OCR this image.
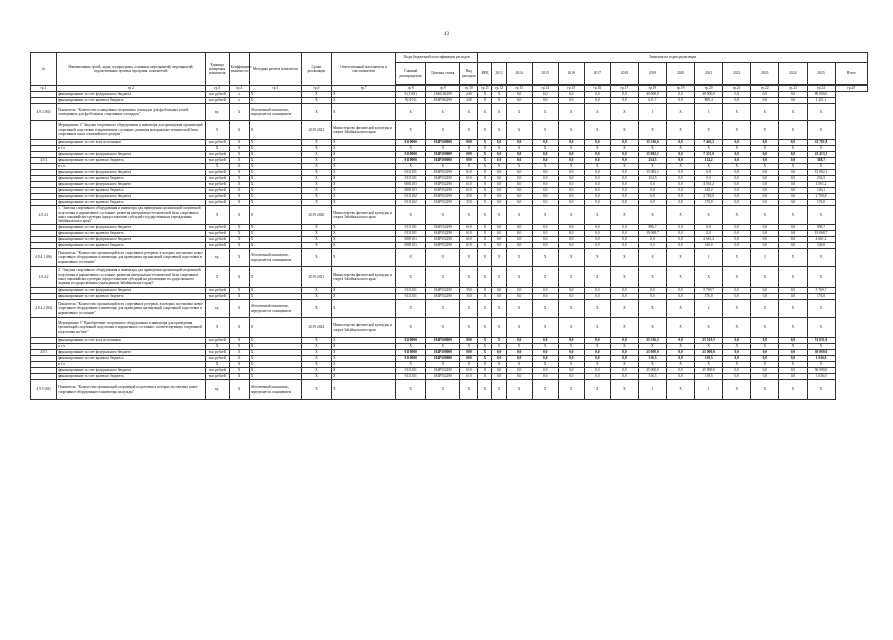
43
№	Наименование целей, задач, подпрограмм, основных мероприятий, мероприятий, ведомственных целевых программ, показателей	Единица измерения показателя	Коэффициент значимости	Методика расчета показателя	Сроки реализации	Ответственный исполнитель и соисполнители	Коды бюджетной классификации расходов			Значения по годам реализации														
							Главный распорядитель	Целевая статья	Вид расходов	ВРЦ	2013	2014	2015	2016	2017	2018	2019	2020	2021	2022	2023	2024	2025	Итого

гр.1	гр.2	гр.3	гр.4	гр.5	гр.6	гр.7	гр.8	гр.9	гр.10	гр.11	гр.12	гр.13	гр.14	гр.15	гр.16	гр.17	гр.18	гр.19	гр.20	гр.21	гр.22	гр.23	гр.24	гр.25
	финансирование за счет федерального бюджета	тыс.рублей	х	Х	Х	Х	8 (1101)	1840182290	240	Х	Х	0,0	0,0	0,0	0,0	0,0	40 608,8	0,0	40 000,0	0,0	0,0	0,0	80 000,0	
	финансирование за счет краевого бюджета	тыс.рублей	х	Х	Х	Х	8(1101)	184P582290	240	Х	Х	0,0	0,0	0,0	0,0	0,0	611,7	0,0	809,4	0,0	0,0	0,0	1 421,1	
4.9.3 (84)	Показатель: "Количество оснащенных спортивных площадок для футбольных полей, оснащенных для футбольных спортивных площадок"	ед.	Х	Абсолютный показатель, определяется оснащением	Х	Х	Х	Х	Х	Х	Х	Х	Х	Х	Х	Х	1	Х	1	Х	Х	Х	Х	
	Мероприятие 4 "Закупка спортивного оборудования и инвентаря для приведения организаций спортивной подготовки в нормативное состояние, развития материально-технической базы спортивных школ олимпийского резерва"	Х	Х	Х	2019-2021	Министерство физической культуры и спорта Забайкальского края	Х	Х	Х	Х	Х	Х	Х	Х	Х	Х	Х	Х	Х	Х	Х	Х	Х	
	финансирование за счет всех источников	тыс.рублей	Х	Х	Х	Х	0110000	184P500000	000	Х	0,0	0,0	0,0	0,0	0,0	0,0	15 336,6	0,0	7 445,2	0,0	0,0	0,0	22 781,8	
	в т.ч.	Х	Х	Х	Х	Х	Х	Х	Х	Х	Х	Х	Х	Х	Х	Х	Х	Х	Х	Х	Х	Х	Х	
	финансирование за счет федерального бюджета	тыс.рублей	Х	Х	Х	Х	0110000	184P500000	000	Х	0,0	0,0	0,0	0,0	0,0	0,0	15 082,1	0,0	7 331,0	0,0	0,0	0,0	22 413,1	
4.9.4	финансирование за счет краевого бюджета	тыс.рублей	Х	Х	Х	Х	0110000	184P500000	000	Х	0,0	0,0	0,0	0,0	0,0	0,0	254,5	0,0	114,2	0,0	0,0	0,0	368,7	
	в т.ч.	Х	Х	Х	Х	Х	Х	Х	Х	Х	Х	Х	Х	Х	Х	Х	Х	Х	Х	Х	Х	Х	Х	
	финансирование за счет федерального бюджета	тыс.рублей	Х	Х	Х	Х	0111101	184P552290	610	Х	0,0	0,0	0,0	0,0	0,0	0,0	15 082,1	0,0	0,0	0,0	0,0	0,0	15 082,1	
	финансирование за счет краевого бюджета	тыс.рублей	Х	Х	Х	Х	0111101	184P552290	610	Х	0,0	0,0	0,0	0,0	0,0	0,0	254,5	0,0	0,0	0,0	0,0	0,0	254,5	
	финансирование за счет федерального бюджета	тыс.рублей	Х	Х	Х	Х	0081101	184P552290	610	Х	0,0	0,0	0,0	0,0	0,0	0,0	0,0	0,0	4 561,2	0,0	0,0	0,0	4 561,2	
	финансирование за счет краевого бюджета	тыс.рублей	Х	Х	Х	Х	0081101	184P552290	610	Х	0,0	0,0	0,0	0,0	0,0	0,0	0,0	0,0	140,2	0,0	0,0	0,0	140,2	
	финансирование за счет федерального бюджета	тыс.рублей	Х	Х	Х	Х	0111102	184P552290	350	Х	0,0	0,0	0,0	0,0	0,0	0,0	0,0	0,0	2 769,8	0,0	0,0	0,0	2 769,8	
	финансирование за счет краевого бюджета	тыс.рублей	Х	Х	Х	Х	0111102	184P552290	350	Х	0,0	0,0	0,0	0,0	0,0	0,0	0,0	0,0	176,0	0,0	0,0	0,0	176,0	
4.9.4.1	1. "Закупка спортивного оборудования и инвентаря для приведения организаций спортивной подготовки в нормативное состояние, развития материально-технической базы спортивных школ олимпийского резерва (предоставление субсидий государственным учреждениям Забайкальского края)"	Х	Х	Х	2019-2020	Министерство физической культуры и спорта Забайкальского края	Х	Х	Х	Х	Х	Х	Х	Х	Х	Х	Х	Х	Х	Х	Х	Х	Х	
	финансирование за счет федерального бюджета	тыс.рублей	Х	Х	Х	Х	0111101	184P552290	610	Х	0,0	0,0	0,0	0,0	0,0	0,0	896,7	0,0	0,0	0,0	0,0	0,0	896,7	
	финансирование за счет краевого бюджета	тыс.рублей	Х	Х	Х	Х	0111101	184P552290	610	Х	0,0	0,0	0,0	0,0	0,0	0,0	19 068,7	0,0	0,0	0,0	0,0	0,0	19 068,7	
	финансирование за счет федерального бюджета	тыс.рублей	Х	Х	Х	Х	0081101	184P552290	610	Х	0,0	0,0	0,0	0,0	0,0	0,0	0,0	0,0	4 661,2	0,0	0,0	0,0	4 661,2	
	финансирование за счет краевого бюджета	тыс.рублей	Х	Х	Х	Х	0081101	184P552290	610	Х	0,0	0,0	0,0	0,0	0,0	0,0	0,0	0,0	140,0	0,0	0,0	0,0	140,0	
4.9.4.1 (86)	Показатель: "Количество организаций всех спортивных резервов, в которых поставлено новое спортивное оборудование и инвентарь для приведения организаций спортивной подготовки в нормативное состояние"	ед.	Х	Абсолютный показатель, определяется оснащением	Х	Х	Х	Х	Х	Х	Х	Х	Х	Х	Х	Х	8	Х	1	Х	2	Х	Х	
4.9.4.2	2. "Закупка спортивного оборудования и инвентаря для приведения организаций спортивной подготовки в нормативное состояние, развития материально-технической базы спортивных школ олимпийского резерва (предоставление субсидий на реализацию государственного задания государственным учреждениям Забайкальского края)"	Х	Х	Х	2019-2021	Министерство физической культуры и спорта Забайкальского края	Х	Х	Х	Х	Х	Х	Х	Х	Х	Х	Х	Х	Х	Х	Х	Х	Х	
	финансирование за счет федерального бюджета	тыс.рублей	Х	Х	Х	Х	0111101	184P552290	350	Х	0,0	0,0	0,0	0,0	0,0	0,0	0,0	0,0	5 769,7	0,0	0,0	0,0	5 769,7	
	финансирование за счет краевого бюджета	тыс.рублей	Х	Х	Х	Х	0111101	184P552290	350	Х	0,0	0,0	0,0	0,0	0,0	0,0	0,0	0,0	176,0	0,0	0,0	0,0	176,0	
4.9.4.2 (84)	Показатель: "Количество организаций всех спортивных резервов, в которых поставлено новое спортивное оборудование и инвентарь для приведения организаций спортивной подготовки в нормативное состояние"	ед.	Х	Абсолютный показатель, определяется оснащением	Х	Х	Х	Х	Х	Х	Х	Х	Х	Х	Х	Х	Х	Х	2	Х	Х	Х	Х	
	Мероприятие 5 "Приобретение спортивного оборудования и инвентаря для приведения организаций спортивной подготовки в нормативное состояние, соответствующих спортивной подготовки на базе"	Х	Х	Х	2019-2024	Министерство физической культуры и спорта Забайкальского края	Х	Х	Х	Х	Х	Х	Х	Х	Х	Х	Х	Х	Х	Х	Х	Х	Х	
	финансирование за счет всех источников	тыс.рублей	Х	Х	Х	Х	0110000	184P500000	000	Х	Х	0,0	0,0	0,0	0,0	0,0	25 516,5	0,0	25 519,5	0,0	0,0	0,0	51 031,0	
	в т.ч.	Х	Х	Х	Х	Х	Х	Х	Х	Х	Х	Х	Х	Х	Х	Х	Х	Х	Х	Х	Х	Х	Х	
4.9.5	финансирование за счет федерального бюджета	тыс.рублей	Х	Х	Х	Х	0110000	184P500000	000	Х	0,0	0,0	0,0	0,0	0,0	0,0	25 000,0	0,0	25 000,0	0,0	0,0	0,0	50 000,0	
	финансирование за счет краевого бюджета	тыс.рублей	Х	Х	Х	Х	0110000	184P500000	000	Х	0,0	0,0	0,0	0,0	0,0	0,0	516,5	0,0	519,5	0,0	0,0	0,0	1 036,0	
	в т.ч.	Х	Х	Х	Х	Х	Х	Х	Х	Х	Х	Х	Х	Х	Х	Х	Х	Х	Х	Х	Х	Х	Х	
	финансирование за счет федерального бюджета	тыс.рублей	Х	Х	Х	Х	0111101	184P552290	610	Х	0,0	0,0	0,0	0,0	0,0	0,0	25 000,0	0,0	25 000,0	0,0	0,0	0,0	50 000,0	
	финансирование за счет краевого бюджета	тыс.рублей	Х	Х	Х	Х	0111101	184P552290	610	Х	0,0	0,0	0,0	0,0	0,0	0,0	516,5	0,0	519,5	0,0	0,0	0,0	1 036,0	
4.9.5 (84)	Показатель: "Количество организаций спортивной подготовки в которых поставлено новое спортивное оборудование и инвентарь на нужды"	ед.	Х	Абсолютный показатель, определяется оснащением	Х	Х	Х	Х	Х	Х	Х	Х	Х	Х	Х	Х	1	Х	1	Х	Х	Х	Х	
